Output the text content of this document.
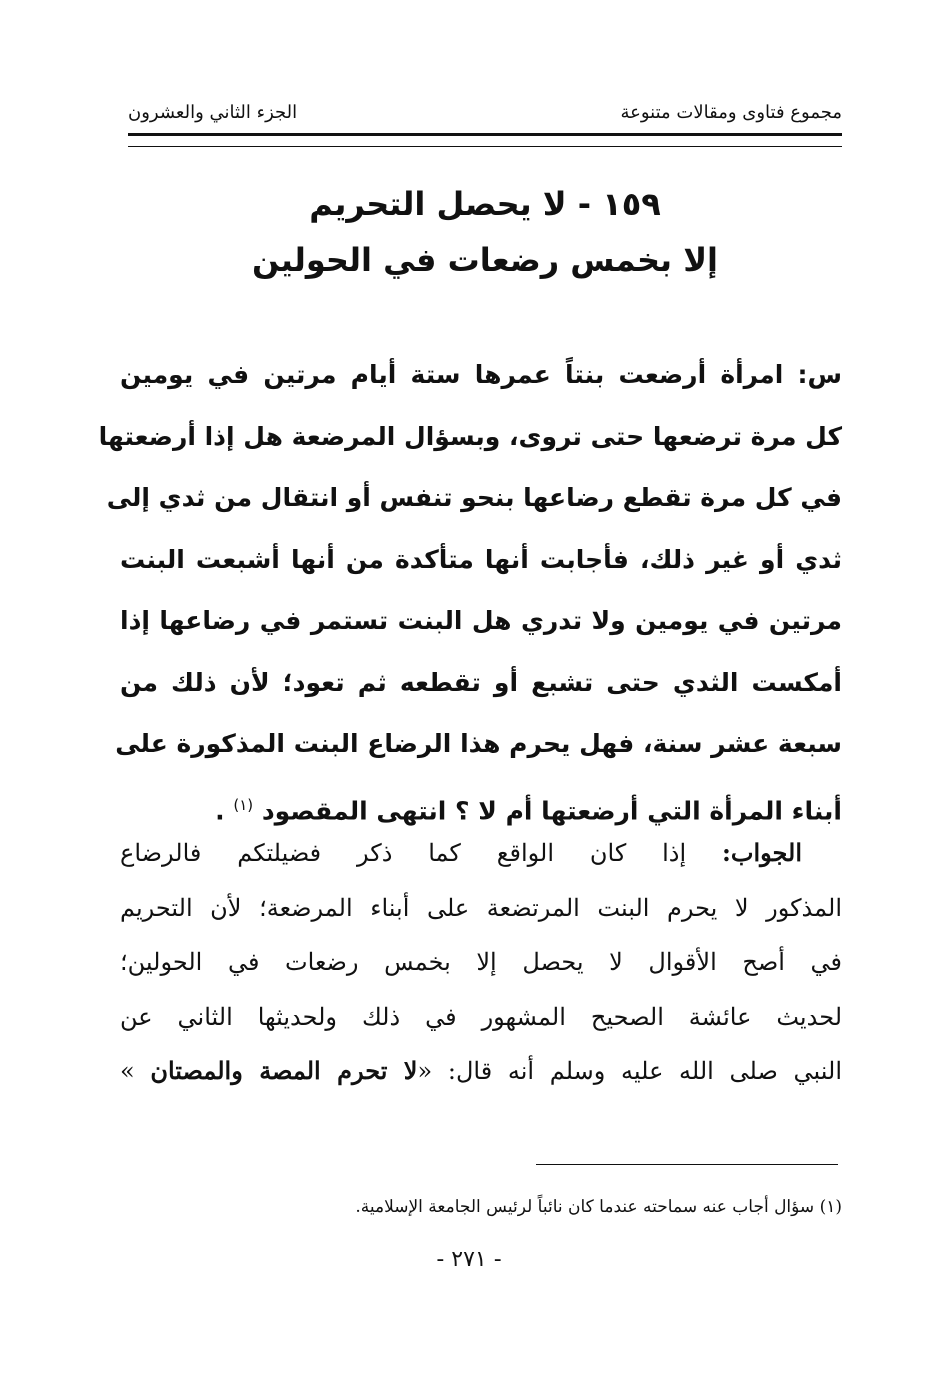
مجموع فتاوى ومقالات متنوعة
الجزء الثاني والعشرون
١٥٩ - لا يحصل التحريم
إلا بخمس رضعات في الحولين
س: امرأة أرضعت بنتاً عمرها ستة أيام مرتين في يومين
كل مرة ترضعها حتى تروى، وبسؤال المرضعة هل إذا أرضعتها
في كل مرة تقطع رضاعها بنحو تنفس أو انتقال من ثدي إلى
ثدي أو غير ذلك، فأجابت أنها متأكدة من أنها أشبعت البنت
مرتين في يومين ولا تدري هل البنت تستمر في رضاعها إذا
أمكست الثدي حتى تشبع أو تقطعه ثم تعود؛ لأن ذلك من
سبعة عشر سنة، فهل يحرم هذا الرضاع البنت المذكورة على
أبناء المرأة التي أرضعتها أم لا ؟ انتهى المقصود $^{(١)}$ .
الجواب: إذا كان الواقع كما ذكر فضيلتكم فالرضاع
المذكور لا يحرم البنت المرتضعة على أبناء المرضعة؛ لأن التحريم
في أصح الأقوال لا يحصل إلا بخمس رضعات في الحولين؛
لحديث عائشة الصحيح المشهور في ذلك ولحديثها الثاني عن
النبي صلى الله عليه وسلم أنه قال: «لا تحرم المصة والمصتان »
(١) سؤال أجاب عنه سماحته عندما كان نائباً لرئيس الجامعة الإسلامية.
- ٢٧١ -
